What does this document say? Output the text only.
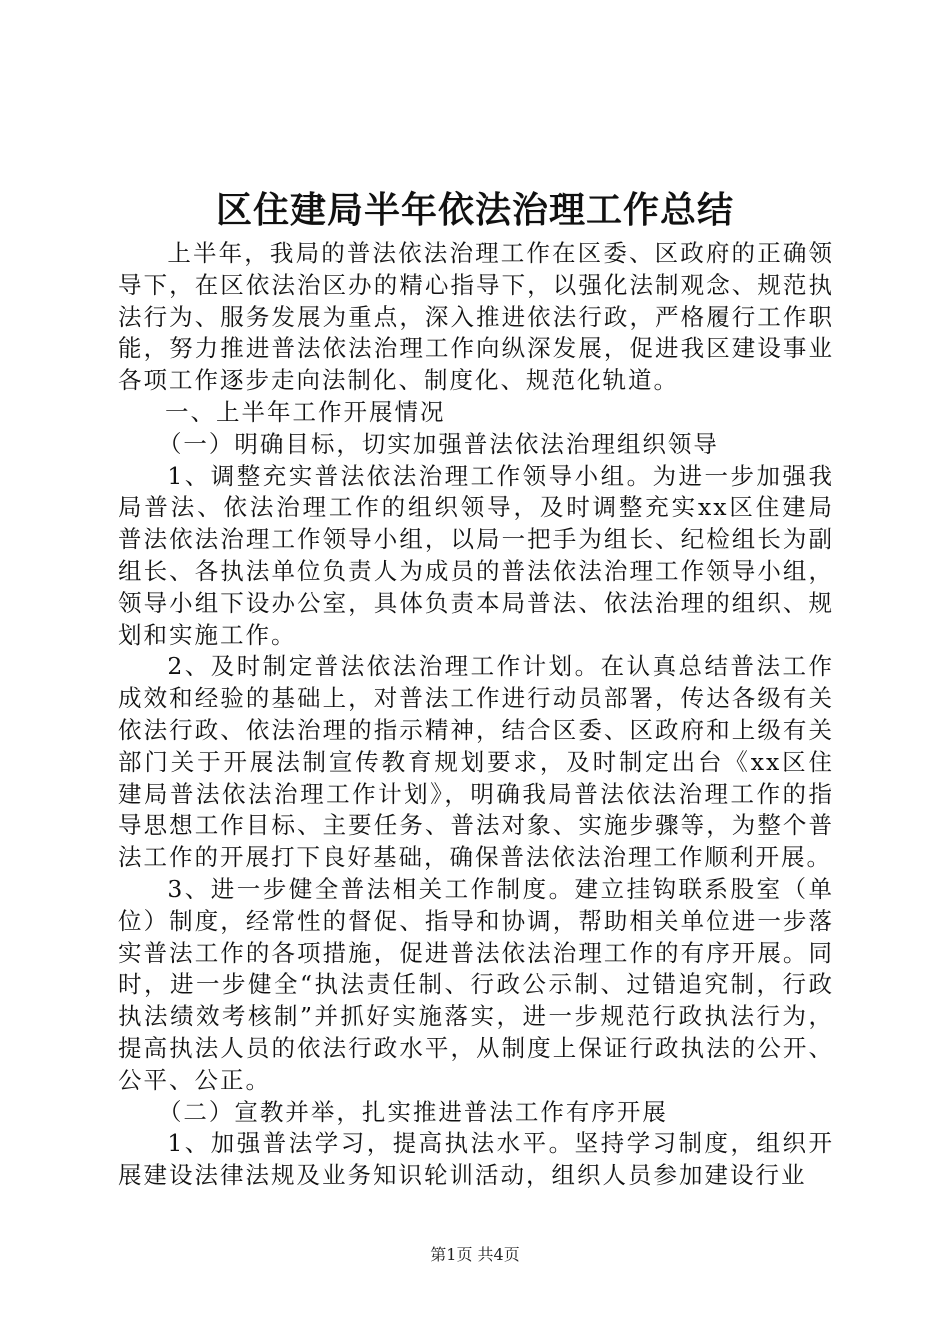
区住建局半年依法治理工作总结

上半年，我局的普法依法治理工作在区委、区政府的正确领导下，在区依法治区办的精心指导下，以强化法制观念、规范执法行为、服务发展为重点，深入推进依法行政，严格履行工作职能，努力推进普法依法治理工作向纵深发展，促进我区建设事业各项工作逐步走向法制化、制度化、规范化轨道。

一、上半年工作开展情况

（一）明确目标，切实加强普法依法治理组织领导

1、调整充实普法依法治理工作领导小组。为进一步加强我局普法、依法治理工作的组织领导，及时调整充实xx区住建局普法依法治理工作领导小组，以局一把手为组长、纪检组长为副组长、各执法单位负责人为成员的普法依法治理工作领导小组，领导小组下设办公室，具体负责本局普法、依法治理的组织、规划和实施工作。

2、及时制定普法依法治理工作计划。在认真总结普法工作成效和经验的基础上，对普法工作进行动员部署，传达各级有关依法行政、依法治理的指示精神，结合区委、区政府和上级有关部门关于开展法制宣传教育规划要求，及时制定出台《xx区住建局普法依法治理工作计划》，明确我局普法依法治理工作的指导思想工作目标、主要任务、普法对象、实施步骤等，为整个普法工作的开展打下良好基础，确保普法依法治理工作顺利开展。

3、进一步健全普法相关工作制度。建立挂钩联系股室（单位）制度，经常性的督促、指导和协调，帮助相关单位进一步落实普法工作的各项措施，促进普法依法治理工作的有序开展。同时，进一步健全“执法责任制、行政公示制、过错追究制，行政执法绩效考核制”并抓好实施落实，进一步规范行政执法行为，提高执法人员的依法行政水平，从制度上保证行政执法的公开、公平、公正。

（二）宣教并举，扎实推进普法工作有序开展

1、加强普法学习，提高执法水平。坚持学习制度，组织开展建设法律法规及业务知识轮训活动，组织人员参加建设行业

第1页 共4页
